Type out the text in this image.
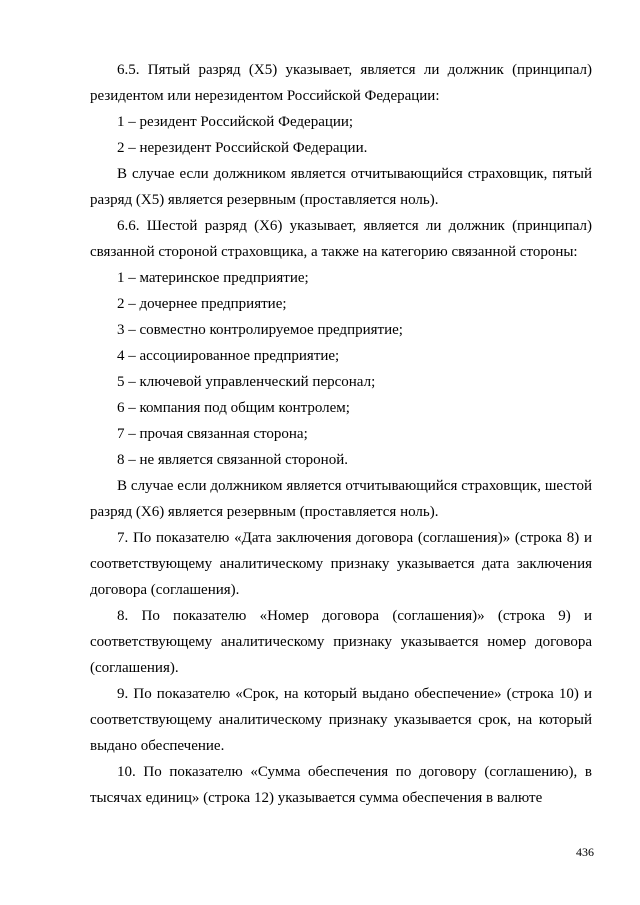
6.5. Пятый разряд (X5) указывает, является ли должник (принципал) резидентом или нерезидентом Российской Федерации:

1 – резидент Российской Федерации;

2 – нерезидент Российской Федерации.

В случае если должником является отчитывающийся страховщик, пятый разряд (X5) является резервным (проставляется ноль).

6.6. Шестой разряд (X6) указывает, является ли должник (принципал) связанной стороной страховщика, а также на категорию связанной стороны:

1 – материнское предприятие;

2 – дочернее предприятие;

3 – совместно контролируемое предприятие;

4 – ассоциированное предприятие;

5 – ключевой управленческий персонал;

6 – компания под общим контролем;

7 – прочая связанная сторона;

8 – не является связанной стороной.

В случае если должником является отчитывающийся страховщик, шестой разряд (X6) является резервным (проставляется ноль).

7. По показателю «Дата заключения договора (соглашения)» (строка 8) и соответствующему аналитическому признаку указывается дата заключения договора (соглашения).

8. По показателю «Номер договора (соглашения)» (строка 9) и соответствующему аналитическому признаку указывается номер договора (соглашения).

9. По показателю «Срок, на который выдано обеспечение» (строка 10) и соответствующему аналитическому признаку указывается срок, на который выдано обеспечение.

10. По показателю «Сумма обеспечения по договору (соглашению), в тысячах единиц» (строка 12) указывается сумма обеспечения в валюте

436
